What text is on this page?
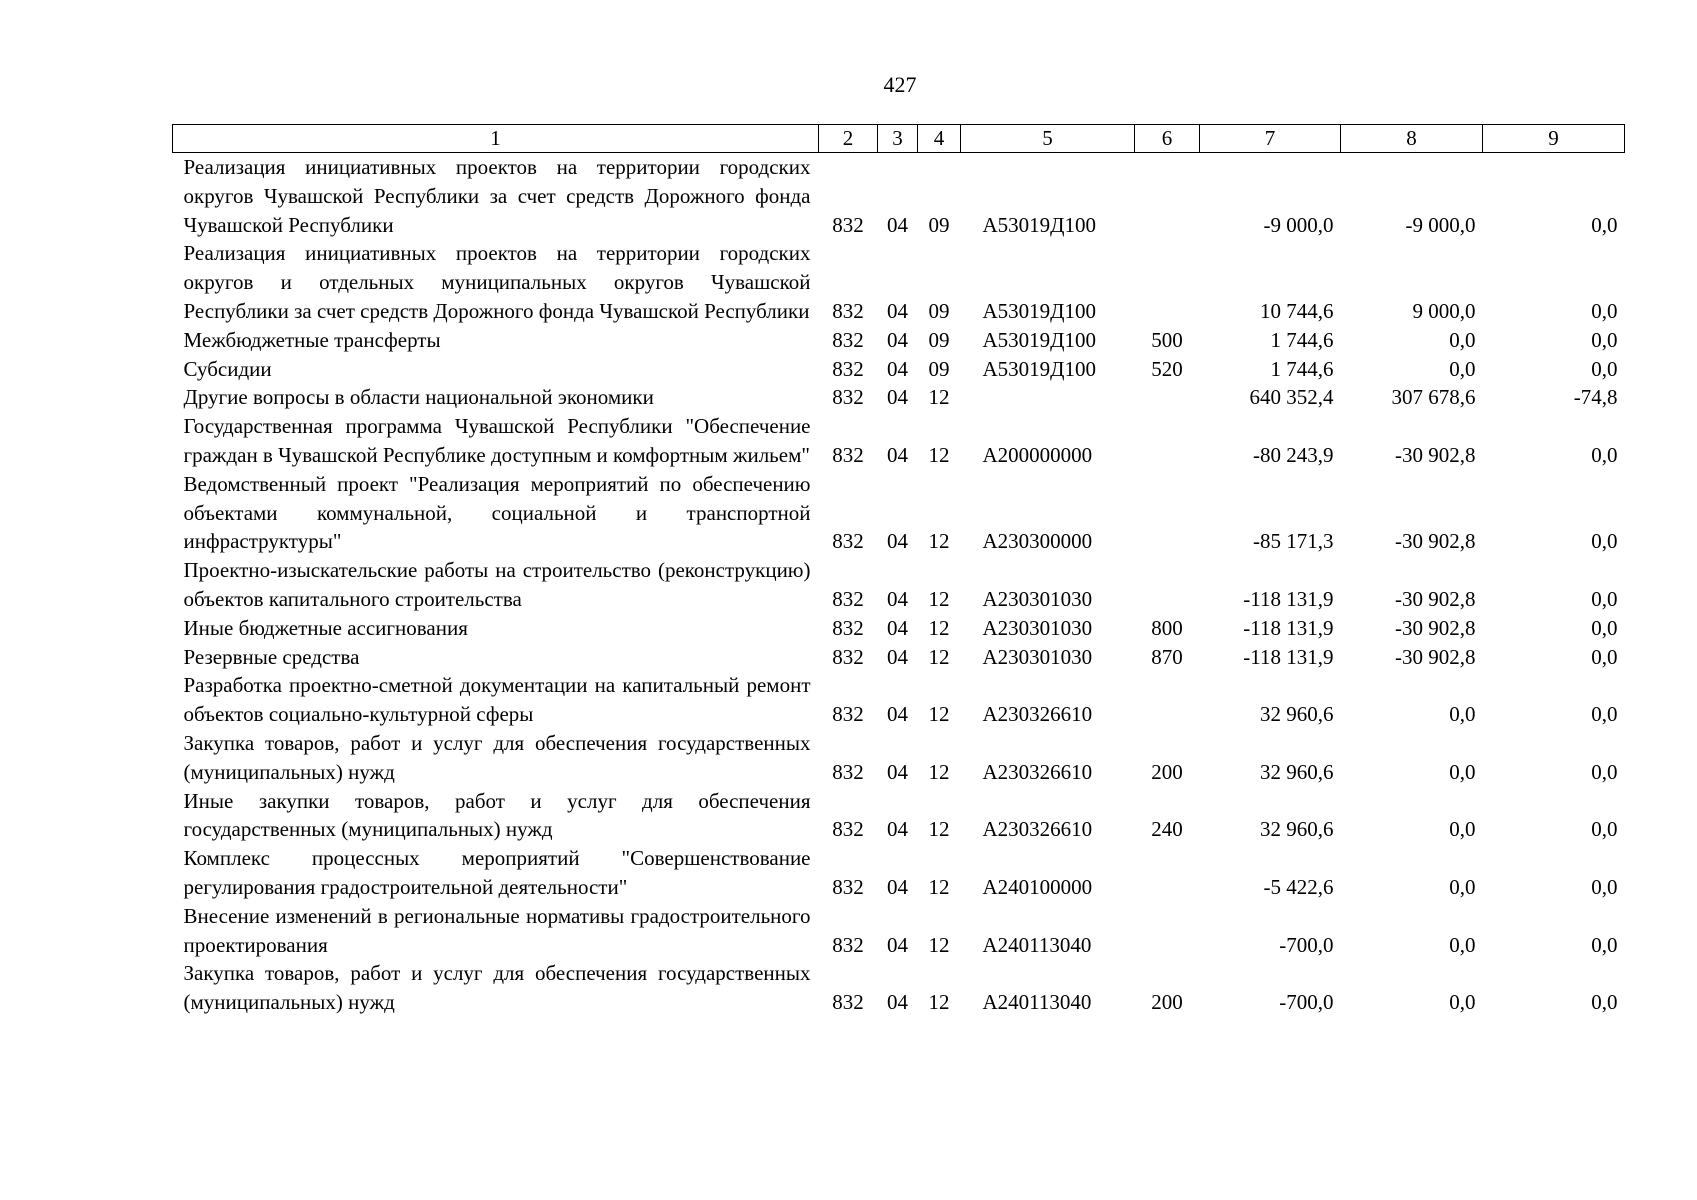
427
1	2	3	4	5	6	7	8	9
Реализация инициативных проектов на территории городских округов Чувашской Республики за счет средств Дорожного фонда Чувашской Республики	832	04	09	А53019Д100		-9 000,0	-9 000,0	0,0
Реализация инициативных проектов на территории городских округов и отдельных муниципальных округов Чувашской Республики за счет средств Дорожного фонда Чувашской Республики	832	04	09	А53019Д100		10 744,6	9 000,0	0,0
Межбюджетные трансферты	832	04	09	А53019Д100	500	1 744,6	0,0	0,0
Субсидии	832	04	09	А53019Д100	520	1 744,6	0,0	0,0
Другие вопросы в области национальной экономики	832	04	12			640 352,4	307 678,6	-74,8
Государственная программа Чувашской Республики "Обеспечение граждан в Чувашской Республике доступным и комфортным жильем"	832	04	12	А200000000		-80 243,9	-30 902,8	0,0
Ведомственный проект "Реализация мероприятий по обеспечению объектами коммунальной, социальной и транспортной инфраструктуры"	832	04	12	А230300000		-85 171,3	-30 902,8	0,0
Проектно-изыскательские работы на строительство (реконструкцию) объектов капитального строительства	832	04	12	А230301030		-118 131,9	-30 902,8	0,0
Иные бюджетные ассигнования	832	04	12	А230301030	800	-118 131,9	-30 902,8	0,0
Резервные средства	832	04	12	А230301030	870	-118 131,9	-30 902,8	0,0
Разработка проектно-сметной документации на капитальный ремонт объектов социально-культурной сферы	832	04	12	А230326610		32 960,6	0,0	0,0
Закупка товаров, работ и услуг для обеспечения государственных (муниципальных) нужд	832	04	12	А230326610	200	32 960,6	0,0	0,0
Иные закупки товаров, работ и услуг для обеспечения государственных (муниципальных) нужд	832	04	12	А230326610	240	32 960,6	0,0	0,0
Комплекс процессных мероприятий "Совершенствование регулирования градостроительной деятельности"	832	04	12	А240100000		-5 422,6	0,0	0,0
Внесение изменений в региональные нормативы градостроительного проектирования	832	04	12	А240113040		-700,0	0,0	0,0
Закупка товаров, работ и услуг для обеспечения государственных (муниципальных) нужд	832	04	12	А240113040	200	-700,0	0,0	0,0
